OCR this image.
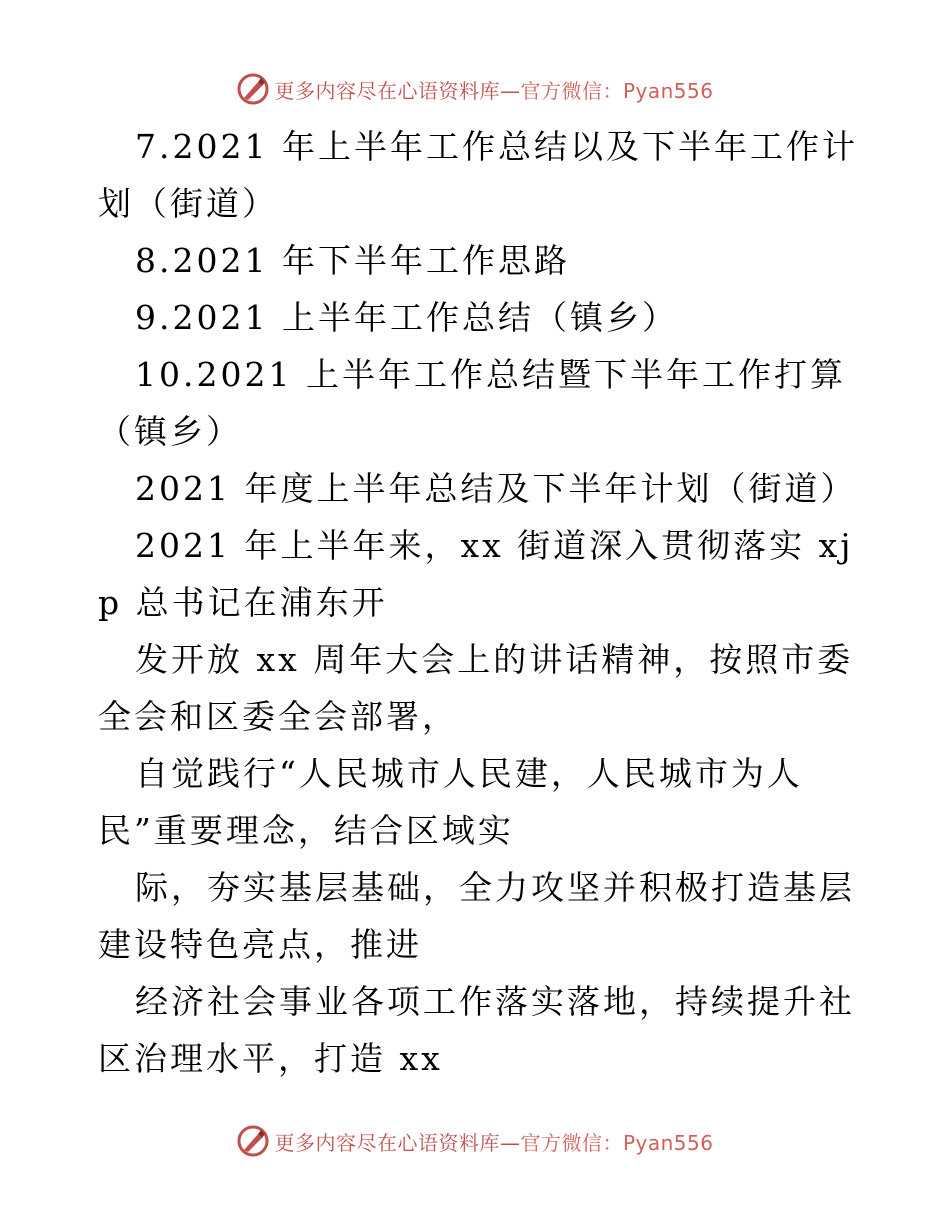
更多内容尽在心语资料库— 官方微信：Pyan556

7.2021 年上半年工作总结以及下半年工作计划（街道）

8.2021 年下半年工作思路

9.2021 上半年工作总结（镇乡）

10.2021 上半年工作总结暨下半年工作打算（镇乡）

2021 年度上半年总结及下半年计划（街道）

2021 年上半年来，xx 街道深入贯彻落实 xjp 总书记在浦东开

发开放 xx 周年大会上的讲话精神，按照市委全会和区委全会部署，

自觉践行“人民城市人民建，人民城市为人民”重要理念，结合区域实

际，夯实基层基础，全力攻坚并积极打造基层建设特色亮点，推进

经济社会事业各项工作落实落地，持续提升社区治理水平，打造 xx

更多内容尽在心语资料库— 官方微信：Pyan556
